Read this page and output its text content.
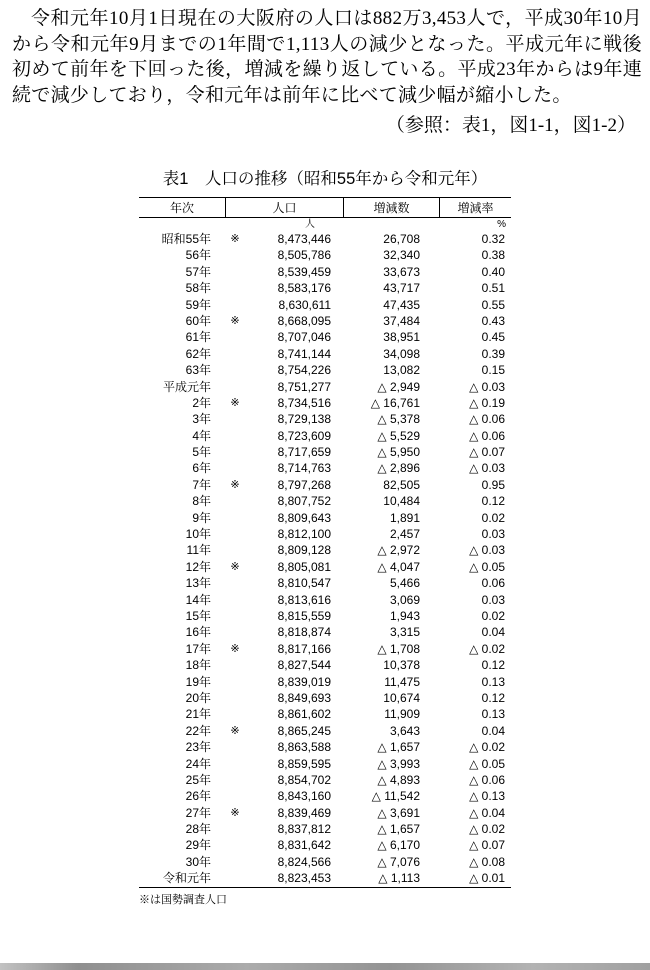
令和元年10月1日現在の大阪府の人口は882万3,453人で，平成30年10月から令和元年9月までの1年間で1,113人の減少となった。平成元年に戦後初めて前年を下回った後，増減を繰り返している。平成23年からは9年連続で減少しており，令和元年は前年に比べて減少幅が縮小した。

（参照：表1，図1-1，図1-2）

表1　人口の推移（昭和55年から令和元年）
年次	人口	増減数	増減率
人	%
昭和55年	※	8,473,446	26,708	0.32
56年	8,505,786	32,340	0.38
57年	8,539,459	33,673	0.40
58年	8,583,176	43,717	0.51
59年	8,630,611	47,435	0.55
60年	※	8,668,095	37,484	0.43
61年	8,707,046	38,951	0.45
62年	8,741,144	34,098	0.39
63年	8,754,226	13,082	0.15
平成元年	8,751,277	△ 2,949	△ 0.03
2年	※	8,734,516	△ 16,761	△ 0.19
3年	8,729,138	△ 5,378	△ 0.06
4年	8,723,609	△ 5,529	△ 0.06
5年	8,717,659	△ 5,950	△ 0.07
6年	8,714,763	△ 2,896	△ 0.03
7年	※	8,797,268	82,505	0.95
8年	8,807,752	10,484	0.12
9年	8,809,643	1,891	0.02
10年	8,812,100	2,457	0.03
11年	8,809,128	△ 2,972	△ 0.03
12年	※	8,805,081	△ 4,047	△ 0.05
13年	8,810,547	5,466	0.06
14年	8,813,616	3,069	0.03
15年	8,815,559	1,943	0.02
16年	8,818,874	3,315	0.04
17年	※	8,817,166	△ 1,708	△ 0.02
18年	8,827,544	10,378	0.12
19年	8,839,019	11,475	0.13
20年	8,849,693	10,674	0.12
21年	8,861,602	11,909	0.13
22年	※	8,865,245	3,643	0.04
23年	8,863,588	△ 1,657	△ 0.02
24年	8,859,595	△ 3,993	△ 0.05
25年	8,854,702	△ 4,893	△ 0.06
26年	8,843,160	△ 11,542	△ 0.13
27年	※	8,839,469	△ 3,691	△ 0.04
28年	8,837,812	△ 1,657	△ 0.02
29年	8,831,642	△ 6,170	△ 0.07
30年	8,824,566	△ 7,076	△ 0.08
令和元年	8,823,453	△ 1,113	△ 0.01
※は国勢調査人口
